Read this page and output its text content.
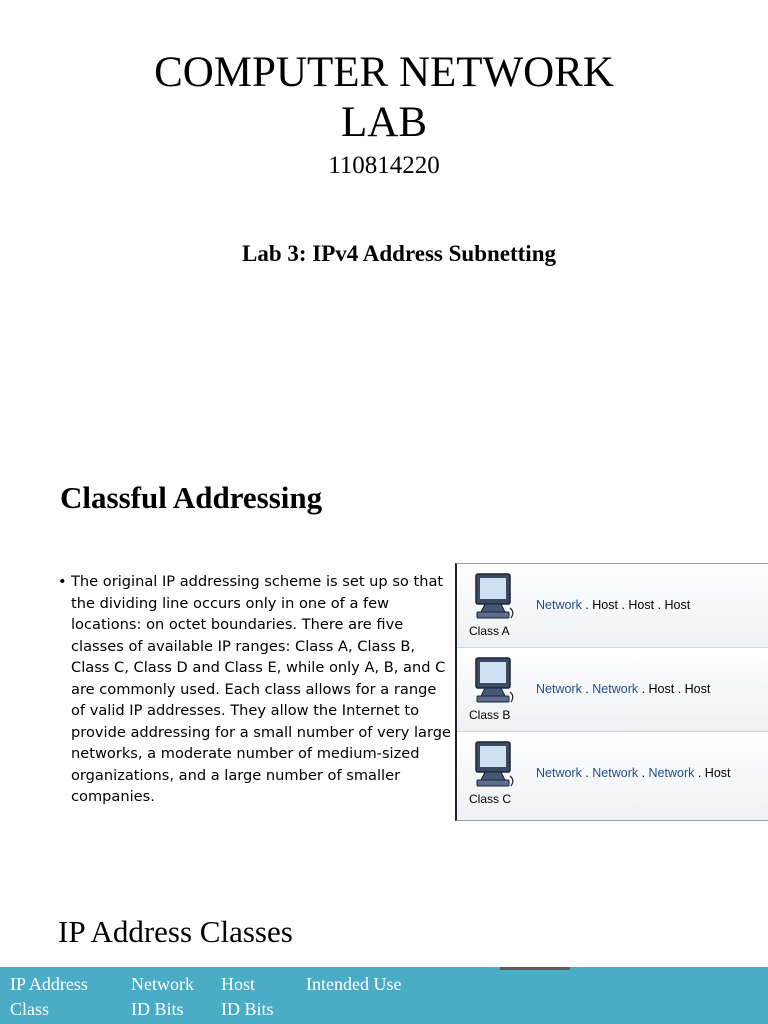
COMPUTER NETWORK
LAB
110814220
Lab 3: IPv4 Address Subnetting
Classful Addressing
• The original IP addressing scheme is set up so that the dividing line occurs only in one of a few locations: on octet boundaries. There are five classes of available IP ranges: Class A, Class B, Class C, Class D and Class E, while only A, B, and C are commonly used. Each class allows for a range of valid IP addresses. They allow the Internet to provide addressing for a small number of very large networks, a moderate number of medium-sized organizations, and a large number of smaller companies.
Class A
Network . Host . Host . Host
Class B
Network . Network . Host . Host
Class C
Network . Network . Network . Host
IP Address Classes
IP Address
Class
Network
ID Bits
Host
ID Bits
Intended Use
